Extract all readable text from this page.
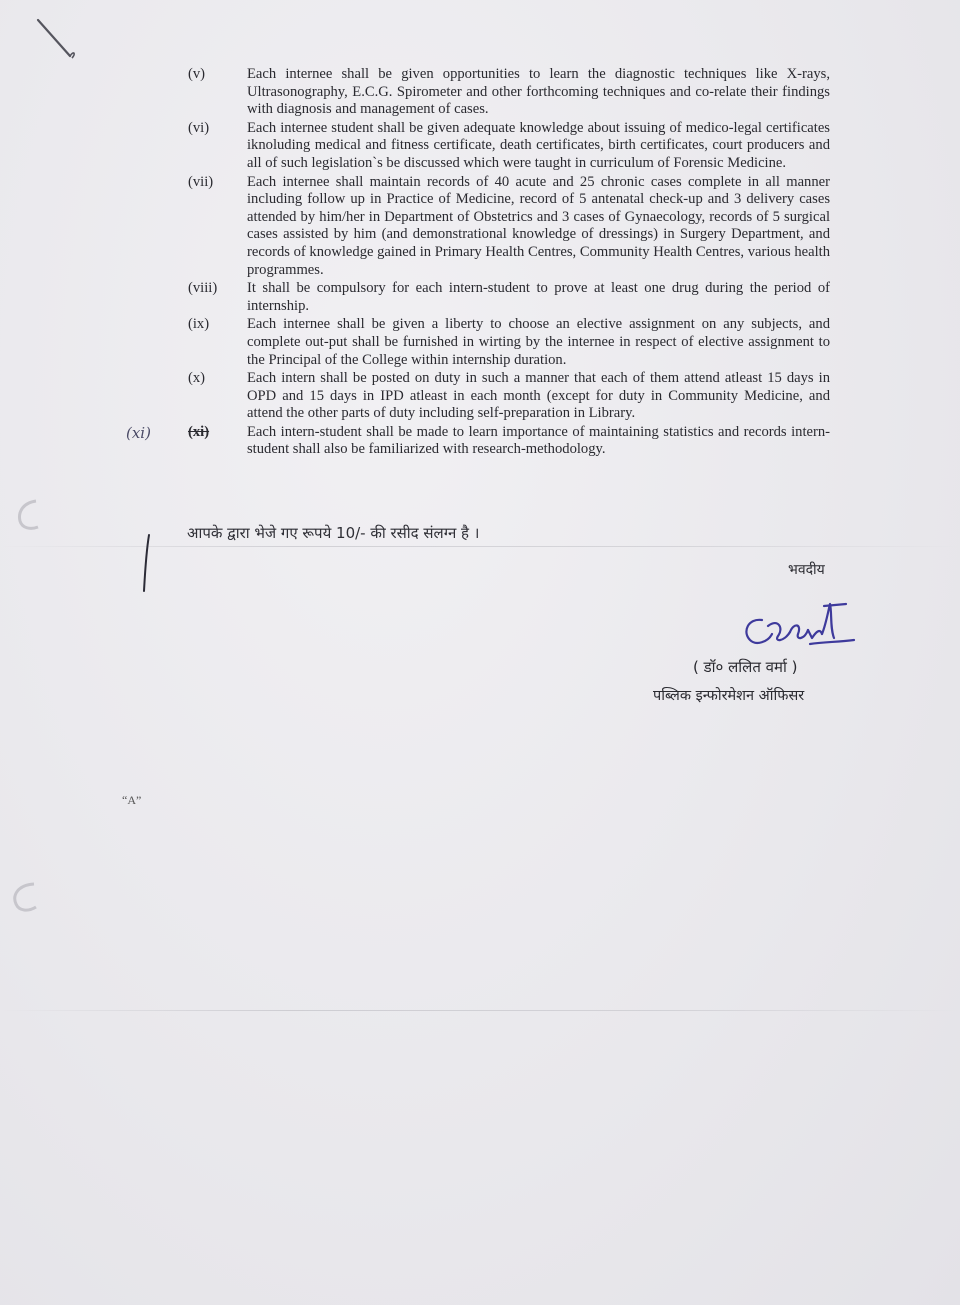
(v)	Each internee shall be given opportunities to learn the diagnostic techniques like X-rays, Ultrasonography, E.C.G. Spirometer and other forthcoming techniques and co-relate their findings with diagnosis and management of cases.
(vi)	Each internee student shall be given adequate knowledge about issuing of medico-legal certificates iknoluding medical and fitness certificate, death certificates, birth certificates, court producers and all of such legislation`s be discussed which were taught in curriculum of Forensic Medicine.
(vii)	Each internee shall maintain records of 40 acute and 25 chronic cases complete in all manner including follow up in Practice of Medicine, record of 5 antenatal check-up and 3 delivery cases attended by him/her in Department of Obstetrics and 3 cases of Gynaecology, records of 5 surgical cases assisted by him (and demonstrational knowledge of dressings) in Surgery Department, and records of knowledge gained in Primary Health Centres, Community Health Centres, various health programmes.
(viii)	It shall be compulsory for each intern-student to prove at least one drug during the period of internship.
(ix)	Each internee shall be given a liberty to choose an elective assignment on any subjects, and complete out-put shall be furnished in wirting by the internee in respect of elective assignment to the Principal of the College within internship duration.
(x)	Each intern shall be posted on duty in such a manner that each of them attend atleast 15 days in OPD and 15 days in IPD atleast in each month (except for duty in Community Medicine, and attend the other parts of duty including self-preparation in Library.
(xi)	(xi)	Each intern-student shall be made to learn importance of maintaining statistics and records intern-student shall also be familiarized with research-methodology.
आपके द्वारा भेजे गए रूपये 10/- की रसीद संलग्न है ।
भवदीय
( डॉ० ललित वर्मा )
पब्लिक इन्फोरमेशन ऑफिसर
“A”
